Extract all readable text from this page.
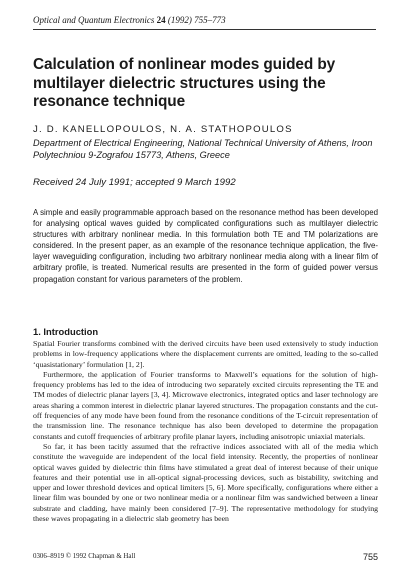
Optical and Quantum Electronics 24 (1992) 755–773
Calculation of nonlinear modes guided by multilayer dielectric structures using the resonance technique
J. D. KANELLOPOULOS, N. A. STATHOPOULOS
Department of Electrical Engineering, National Technical University of Athens, Iroon Polytechniou 9-Zografou 15773, Athens, Greece
Received 24 July 1991; accepted 9 March 1992

A simple and easily programmable approach based on the resonance method has been developed for analysing optical waves guided by complicated configurations such as multilayer dielectric structures with arbitrary nonlinear media. In this formulation both TE and TM polarizations are considered. In the present paper, as an example of the resonance technique application, the five-layer waveguiding configuration, including two arbitrary nonlinear media along with a linear film of arbitrary profile, is treated. Numerical results are presented in the form of guided power versus propagation constant for various parameters of the problem.

1. Introduction

Spatial Fourier transforms combined with the derived circuits have been used extensively to study induction problems in low-frequency applications where the displacement currents are omitted, leading to the so-called ‘quasistationary’ formulation [1, 2].

Furthermore, the application of Fourier transforms to Maxwell’s equations for the solution of high-frequency problems has led to the idea of introducing two separately excited circuits representing the TE and TM modes of dielectric planar layers [3, 4]. Microwave electronics, integrated optics and laser technology are areas sharing a common interest in dielectric planar layered structures. The propagation constants and the cut-off frequencies of any mode have been found from the resonance conditions of the T-circuit representation of the transmission line. The resonance technique has also been developed to determine the propagation constants and cutoff frequencies of arbitrary profile planar layers, including anisotropic uniaxial materials.

So far, it has been tacitly assumed that the refractive indices associated with all of the media which constitute the waveguide are independent of the local field intensity. Recently, the properties of nonlinear optical waves guided by dielectric thin films have stimulated a great deal of interest because of their unique features and their potential use in all-optical signal-processing devices, such as bistability, switching and upper and lower threshold devices and optical limiters [5, 6]. More specifically, configurations where either a linear film was bounded by one or two nonlinear media or a nonlinear film was sandwiched between a linear substrate and cladding, have mainly been considered [7–9]. The representative methodology for studying these waves propagating in a dielectric slab geometry has been

0306–8919 © 1992 Chapman & Hall	755
